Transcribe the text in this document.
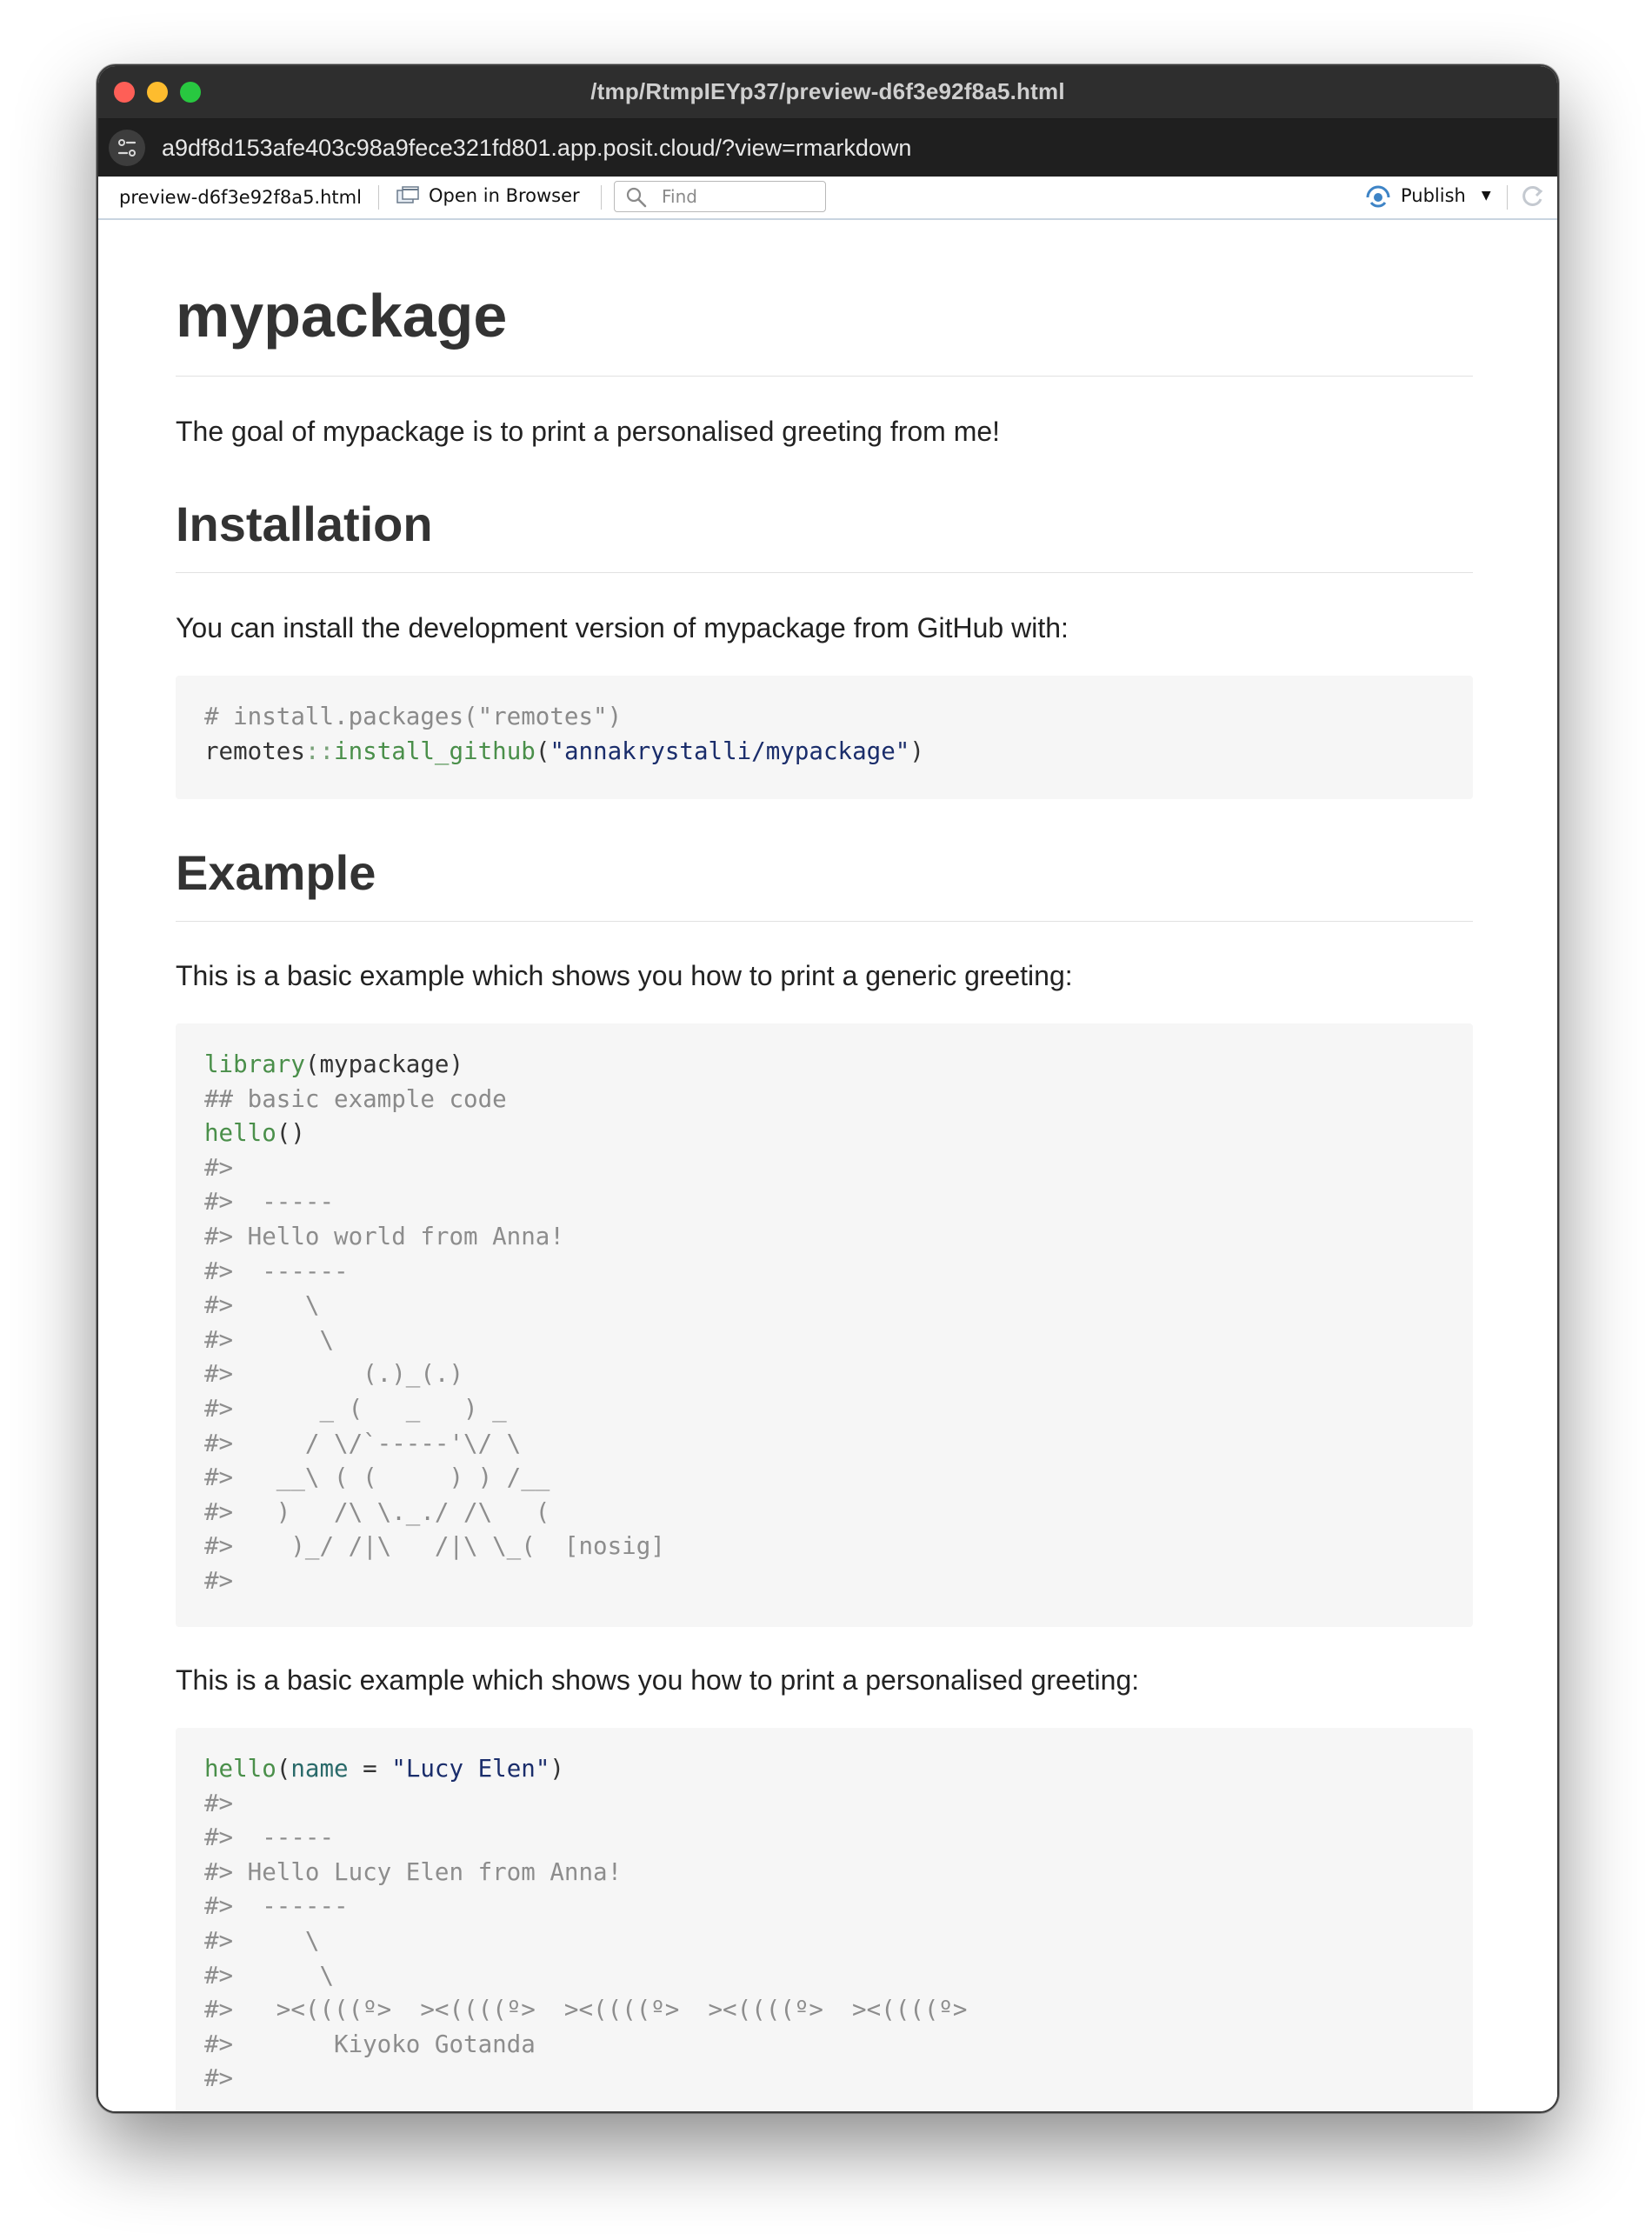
/tmp/RtmpIEYp37/preview-d6f3e92f8a5.html
a9df8d153afe403c98a9fece321fd801.app.posit.cloud/?view=rmarkdown
preview-d6f3e92f8a5.html	Open in Browser
Find	Publish ▼
mypackage

The goal of mypackage is to print a personalised greeting from me!

Installation

You can install the development version of mypackage from GitHub with:

# install.packages("remotes")
remotes::install_github("annakrystalli/mypackage")
Example

This is a basic example which shows you how to print a generic greeting:

library(mypackage)
## basic example code
hello()
#>
#>  -----
#> Hello world from Anna!
#>  ------
#>     \
#>      \
#>         (.)_(.)
#>      _ (   _   ) _
#>     / \/`-----'\/ \
#>   __\ ( (     ) ) /__
#>   )   /\ \._./ /\   (
#>    )_/ /|\   /|\ \_(  [nosig]
#>

This is a basic example which shows you how to print a personalised greeting:

hello(name = "Lucy Elen")
#>
#>  -----
#> Hello Lucy Elen from Anna!
#>  ------
#>     \
#>      \
#>   ><((((º>  ><((((º>  ><((((º>  ><((((º>  ><((((º>
#>       Kiyoko Gotanda
#>
